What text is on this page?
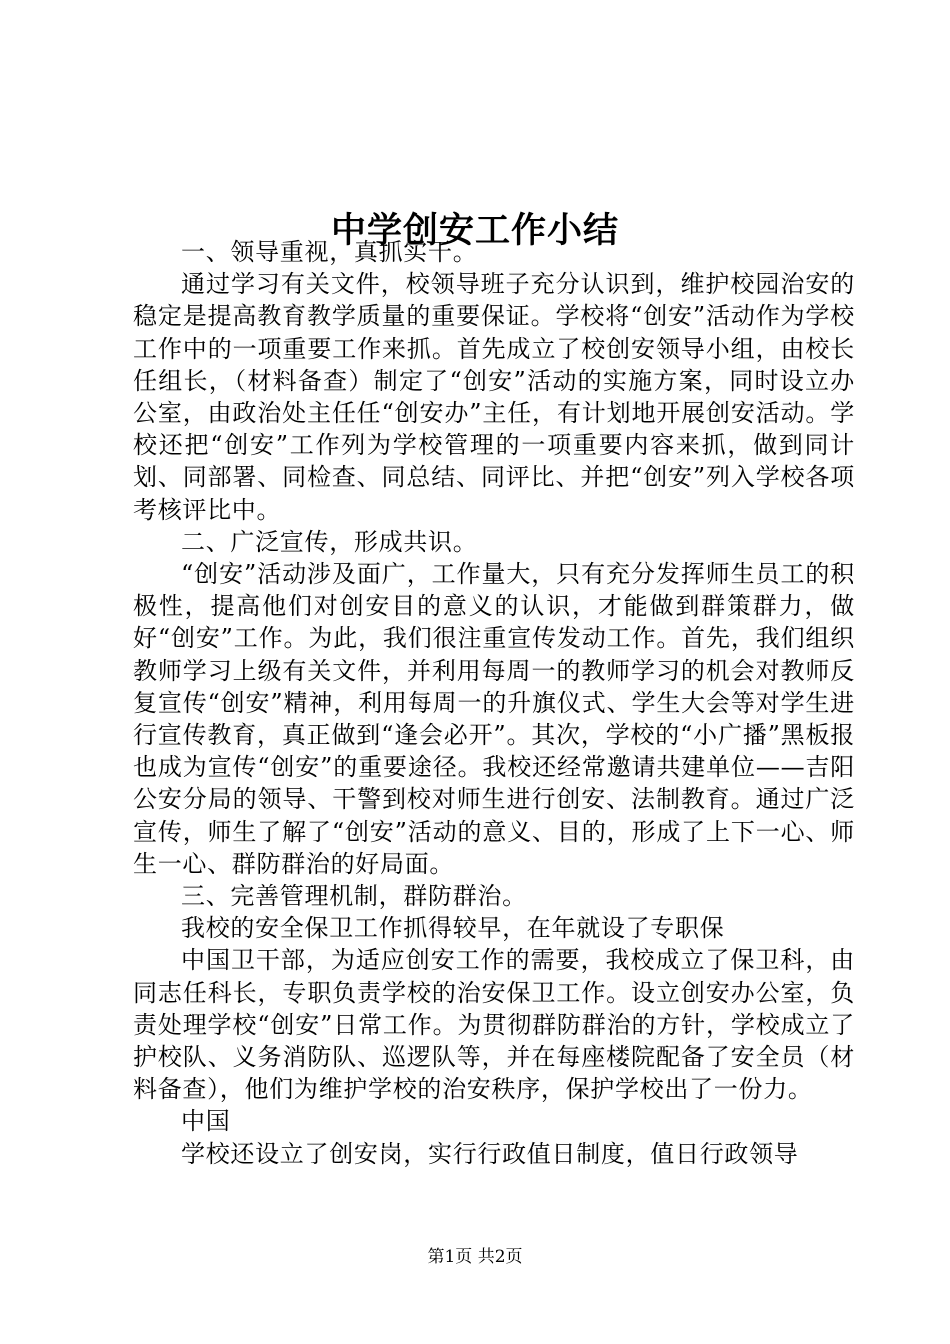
中学创安工作小结

一、领导重视，真抓实干。

通过学习有关文件，校领导班子充分认识到，维护校园治安的稳定是提高教育教学质量的重要保证。学校将“创安”活动作为学校工作中的一项重要工作来抓。首先成立了校创安领导小组，由校长任组长，（材料备查）制定了“创安”活动的实施方案，同时设立办公室，由政治处主任任“创安办”主任，有计划地开展创安活动。学校还把“创安”工作列为学校管理的一项重要内容来抓，做到同计划、同部署、同检查、同总结、同评比、并把“创安”列入学校各项考核评比中。

二、广泛宣传，形成共识。

“创安”活动涉及面广，工作量大，只有充分发挥师生员工的积极性，提高他们对创安目的意义的认识，才能做到群策群力，做好“创安”工作。为此，我们很注重宣传发动工作。首先，我们组织教师学习上级有关文件，并利用每周一的教师学习的机会对教师反复宣传“创安”精神，利用每周一的升旗仪式、学生大会等对学生进行宣传教育，真正做到“逢会必开”。其次，学校的“小广播”黑板报也成为宣传“创安”的重要途径。我校还经常邀请共建单位——吉阳公安分局的领导、干警到校对师生进行创安、法制教育。通过广泛宣传，师生了解了“创安”活动的意义、目的，形成了上下一心、师生一心、群防群治的好局面。

三、完善管理机制，群防群治。

我校的安全保卫工作抓得较早，在年就设了专职保

中国卫干部，为适应创安工作的需要，我校成立了保卫科，由同志任科长，专职负责学校的治安保卫工作。设立创安办公室，负责处理学校“创安”日常工作。为贯彻群防群治的方针，学校成立了护校队、义务消防队、巡逻队等，并在每座楼院配备了安全员（材料备查），他们为维护学校的治安秩序，保护学校出了一份力。

中国

学校还设立了创安岗，实行行政值日制度，值日行政领导

第1页 共2页
